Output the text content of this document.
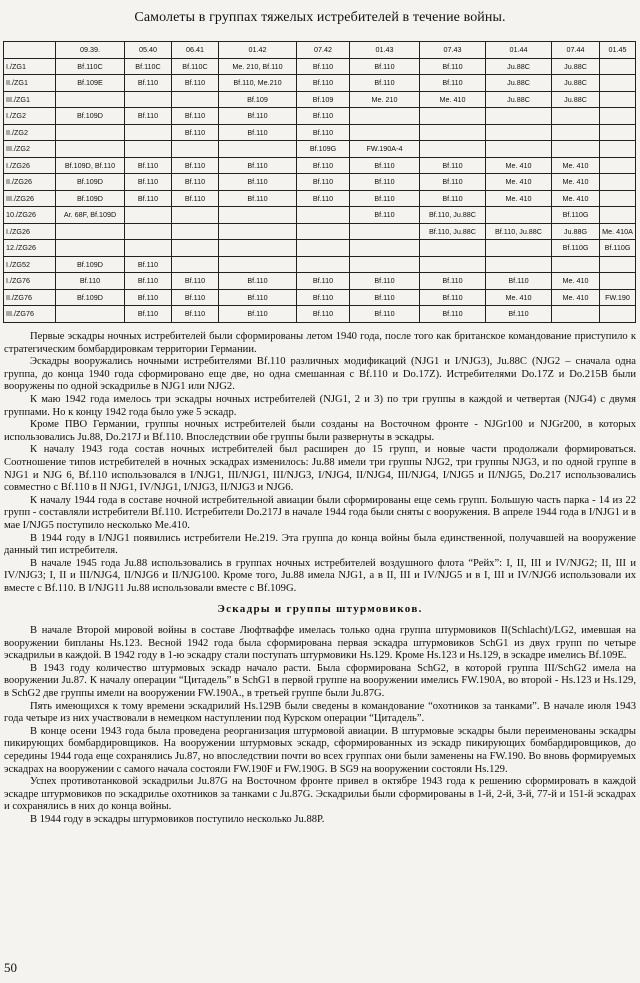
Самолеты в группах тяжелых истребителей в течение войны.
	09.39.	05.40	06.41	01.42	07.42	01.43	07.43	01.44	07.44	01.45
I./ZG1	Bf.110C	Bf.110C	Bf.110C	Me. 210, Bf.110	Bf.110	Bf.110	Bf.110	Ju.88C	Ju.88C	
II./ZG1	Bf.109E	Bf.110	Bf.110	Bf.110, Me.210	Bf.110	Bf.110	Bf.110	Ju.88C	Ju.88C	
III./ZG1				Bf.109	Bf.109	Me. 210	Me. 410	Ju.88C	Ju.88C	
I./ZG2	Bf.109D	Bf.110	Bf.110	Bf.110	Bf.110					
II./ZG2			Bf.110	Bf.110	Bf.110					
III./ZG2					Bf.109G	FW.190A-4				
I./ZG26	Bf.109D, Bf.110	Bf.110	Bf.110	Bf.110	Bf.110	Bf.110	Bf.110	Me. 410	Me. 410	
II./ZG26	Bf.109D	Bf.110	Bf.110	Bf.110	Bf.110	Bf.110	Bf.110	Me. 410	Me. 410	
III./ZG26	Bf.109D	Bf.110	Bf.110	Bf.110	Bf.110	Bf.110	Bf.110	Me. 410	Me. 410	
10./ZG26	Ar. 68F, Bf.109D					Bf.110	Bf.110, Ju.88C		Bf.110G	
I./ZG26							Bf.110, Ju.88C	Bf.110, Ju.88C	Ju.88G	Me. 410A
12./ZG26									Bf.110G	Bf.110G
I./ZG52	Bf.109D	Bf.110								
I./ZG76	Bf.110	Bf.110	Bf.110	Bf.110	Bf.110	Bf.110	Bf.110	Bf.110	Me. 410	
II./ZG76	Bf.109D	Bf.110	Bf.110	Bf.110	Bf.110	Bf.110	Bf.110	Me. 410	Me. 410	FW.190
III./ZG76		Bf.110	Bf.110	Bf.110	Bf.110	Bf.110	Bf.110	Bf.110		

Первые эскадры ночных истребителей были сформированы летом 1940 года, после того как британское командование приступило к стратегическим бомбардировкам территории Германии.

Эскадры вооружались ночными истребителями Bf.110 различных модификаций (NJG1 и I/NJG3), Ju.88C (NJG2 – сначала одна группа, до конца 1940 года сформировано еще две, но одна смешанная с Bf.110 и Do.17Z). Истребителями Do.17Z и Do.215B были вооружены по одной эскадрилье в NJG1 или NJG2.

К маю 1942 года имелось три эскадры ночных истребителей (NJG1, 2 и 3) по три группы в каждой и четвертая (NJG4) с двумя группами. Но к концу 1942 года было уже 5 эскадр.

Кроме ПВО Германии, группы ночных истребителей были созданы на Восточном фронте - NJGr100 и NJGr200, в которых использовались Ju.88, Do.217J и Bf.110. Впоследствии обе группы были развернуты в эскадры.

К началу 1943 года состав ночных истребителей был расширен до 15 групп, и новые части продолжали формироваться. Соотношение типов истребителей в ночных эскадрах изменилось: Ju.88 имели три группы NJG2, три группы NJG3, и по одной группе в NJG1 и NJG 6, Bf.110 использовался в I/NJG1, III/NJG1, III/NJG3, I/NJG4, II/NJG4, III/NJG4, I/NJG5 и II/NJG5, Do.217 использовались совместно с Bf.110 в II NJG1, IV/NJG1, I/NJG3, II/NJG3 и NJG6.

К началу 1944 года в составе ночной истребительной авиации были сформированы еще семь групп. Большую часть парка - 14 из 22 групп - составляли истребители Bf.110. Истребители Do.217J в начале 1944 года были сняты с вооружения. В апреле 1944 года в I/NJG1 и в мае I/NJG5 поступило несколько Me.410.

В 1944 году в I/NJG1 появились истребители He.219. Эта группа до конца войны была единственной, получавшей на вооружение данный тип истребителя.

В начале 1945 года Ju.88 использовались в группах ночных истребителей воздушного флота “Рейх”: I, II, III и IV/NJG2; II, III и IV/NJG3; I, II и III/NJG4, II/NJG6 и II/NJG100. Кроме того, Ju.88 имела NJG1, а в II, III и IV/NJG5 и в I, III и IV/NJG6 использовали их вместе с Bf.110. В I/NJG11 Ju.88 использовали вместе с Bf.109G.

Эскадры и группы штурмовиков.

В начале Второй мировой войны в составе Люфтваффе имелась только одна группа штурмовиков II(Schlacht)/LG2, имевшая на вооружении бипланы Hs.123. Весной 1942 года была сформирована первая эскадра штурмовиков SchG1 из двух групп по четыре эскадрильи в каждой. В 1942 году в 1-ю эскадру стали поступать штурмовики Hs.129. Кроме Hs.123 и Hs.129, в эскадре имелись Bf.109E.

В 1943 году количество штурмовых эскадр начало расти. Была сформирована SchG2, в которой группа III/SchG2 имела на вооружении Ju.87. К началу операции “Цитадель” в SchG1 в первой группе на вооружении имелись FW.190A, во второй - Hs.123 и Hs.129, в SchG2 две группы имели на вооружении FW.190A., в третьей группе были Ju.87G.

Пять имеющихся к тому времени эскадрилий Hs.129B были сведены в командование “охотников за танками”. В начале июля 1943 года четыре из них участвовали в немецком наступлении под Курском операции “Цитадель”.

В конце осени 1943 года была проведена реорганизация штурмовой авиации. В штурмовые эскадры были переименованы эскадры пикирующих бомбардировщиков. На вооружении штурмовых эскадр, сформированных из эскадр пикирующих бомбардировщиков, до середины 1944 года еще сохранялись Ju.87, но впоследствии почти во всех группах они были заменены на FW.190. Во вновь формируемых эскадрах на вооружении с самого начала состояли FW.190F и FW.190G. В SG9 на вооружении состояли Hs.129.

Успех противотанковой эскадрильи Ju.87G на Восточном фронте привел в октябре 1943 года к решению сформировать в каждой эскадре штурмовиков по эскадрилье охотников за танками с Ju.87G. Эскадрильи были сформированы в 1-й, 2-й, 3-й, 77-й и 151-й эскадрах и сохранялись в них до конца войны.

В 1944 году в эскадры штурмовиков поступило несколько Ju.88P.

50
